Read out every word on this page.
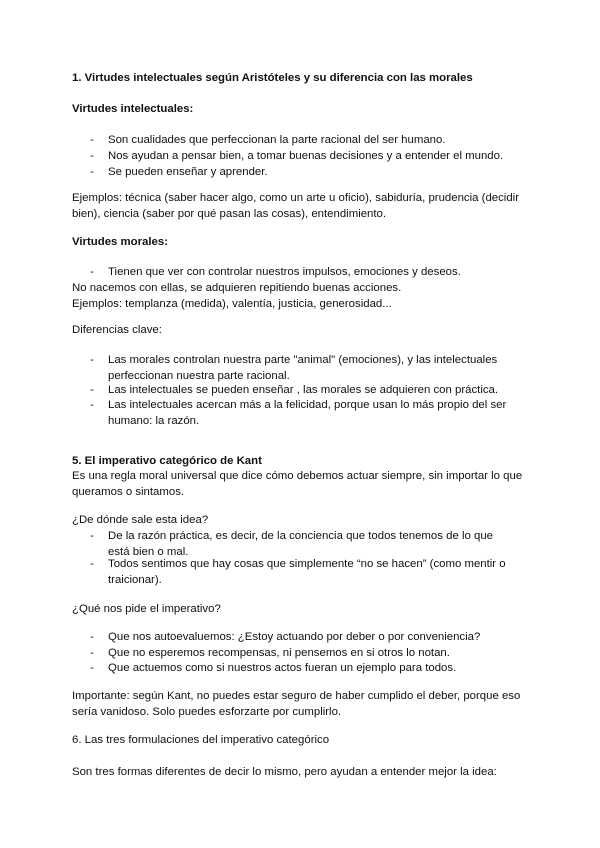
1. Virtudes intelectuales según Aristóteles y su diferencia con las morales

Virtudes intelectuales:

-	Son cualidades que perfeccionan la parte racional del ser humano.

-	Nos ayudan a pensar bien, a tomar buenas decisiones y a entender el mundo.

-	Se pueden enseñar y aprender.

Ejemplos: técnica (saber hacer algo, como un arte u oficio), sabiduría, prudencia (decidir bien), ciencia (saber por qué pasan las cosas), entendimiento.

Virtudes morales:

-	Tienen que ver con controlar nuestros impulsos, emociones y deseos.

No nacemos con ellas, se adquieren repitiendo buenas acciones.

Ejemplos: templanza (medida), valentía, justicia, generosidad...

Diferencias clave:

-	Las morales controlan nuestra parte "animal" (emociones), y las intelectuales perfeccionan nuestra parte racional.

-	Las intelectuales se pueden enseñar , las morales se adquieren con práctica.

-	Las intelectuales acercan más a la felicidad, porque usan lo más propio del ser humano: la razón.

5. El imperativo categórico de Kant

Es una regla moral universal que dice cómo debemos actuar siempre, sin importar lo que queramos o sintamos.

¿De dónde sale esta idea?

-	De la razón práctica, es decir, de la conciencia que todos tenemos de lo que está bien o mal.

-	Todos sentimos que hay cosas que simplemente “no se hacen” (como mentir o traicionar).

¿Qué nos pide el imperativo?

-	Que nos autoevaluemos: ¿Estoy actuando por deber o por conveniencia?

-	Que no esperemos recompensas, ni pensemos en si otros lo notan.

-	Que actuemos como si nuestros actos fueran un ejemplo para todos.

Importante: según Kant, no puedes estar seguro de haber cumplido el deber, porque eso sería vanidoso. Solo puedes esforzarte por cumplirlo.

6. Las tres formulaciones del imperativo categórico

Son tres formas diferentes de decir lo mismo, pero ayudan a entender mejor la idea:
